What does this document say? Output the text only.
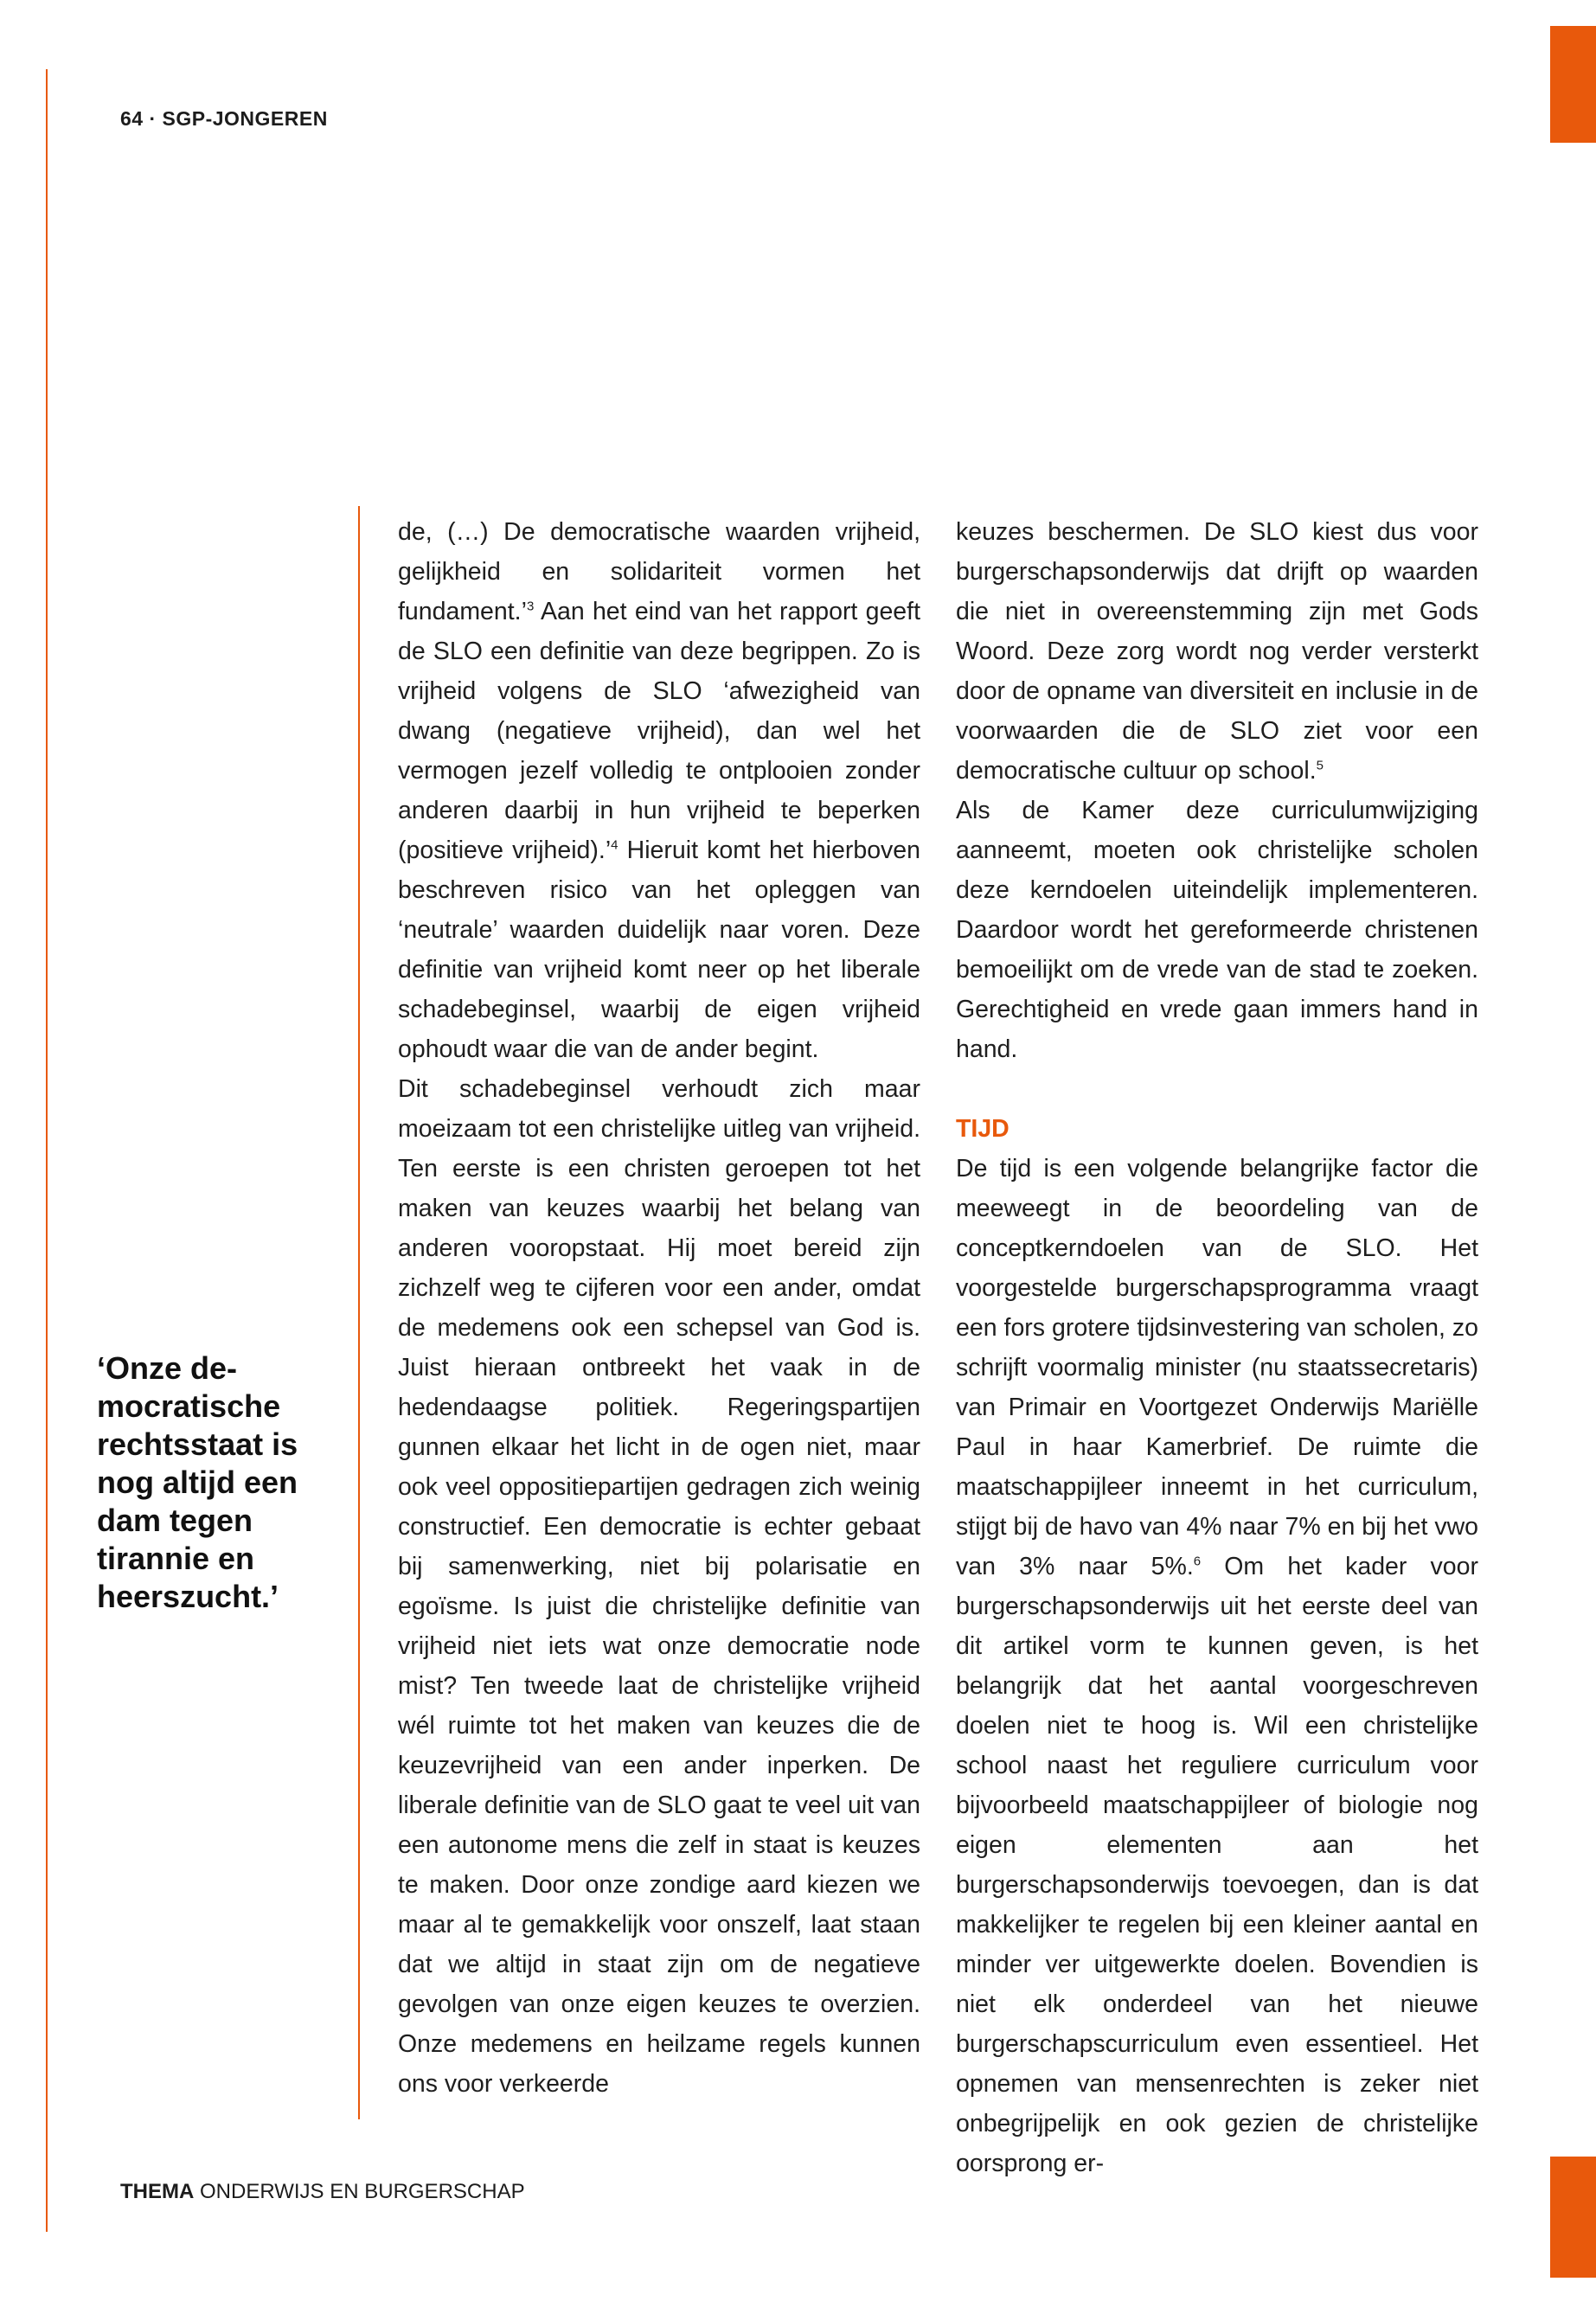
64 · SGP-JONGEREN
‘Onze de-mocratische rechtsstaat is nog altijd een dam tegen tirannie en heerszucht.’

de, (…) De democratische waarden vrijheid, gelijkheid en solidariteit vormen het fundament.’$^3$ Aan het eind van het rapport geeft de SLO een definitie van deze begrippen. Zo is vrijheid volgens de SLO ‘afwezigheid van dwang (negatieve vrijheid), dan wel het vermogen jezelf volledig te ontplooien zonder anderen daarbij in hun vrijheid te beperken (positieve vrijheid).’$^4$ Hieruit komt het hierboven beschreven risico van het opleggen van ‘neutrale’ waarden duidelijk naar voren. Deze definitie van vrijheid komt neer op het liberale schadebeginsel, waarbij de eigen vrijheid ophoudt waar die van de ander begint.

Dit schadebeginsel verhoudt zich maar moeizaam tot een christelijke uitleg van vrijheid. Ten eerste is een christen geroepen tot het maken van keuzes waarbij het belang van anderen vooropstaat. Hij moet bereid zijn zichzelf weg te cijferen voor een ander, omdat de medemens ook een schepsel van God is. Juist hieraan ontbreekt het vaak in de hedendaagse politiek. Regeringspartijen gunnen elkaar het licht in de ogen niet, maar ook veel oppositiepartijen gedragen zich weinig constructief. Een democratie is echter gebaat bij samenwerking, niet bij polarisatie en egoïsme. Is juist die christelijke definitie van vrijheid niet iets wat onze democratie node mist? Ten tweede laat de christelijke vrijheid wél ruimte tot het maken van keuzes die de keuzevrijheid van een ander inperken. De liberale definitie van de SLO gaat te veel uit van een autonome mens die zelf in staat is keuzes te maken. Door onze zondige aard kiezen we maar al te gemakkelijk voor onszelf, laat staan dat we altijd in staat zijn om de negatieve gevolgen van onze eigen keuzes te overzien. Onze medemens en heilzame regels kunnen ons voor verkeerde

keuzes beschermen. De SLO kiest dus voor burgerschapsonderwijs dat drijft op waarden die niet in overeenstemming zijn met Gods Woord. Deze zorg wordt nog verder versterkt door de opname van diversiteit en inclusie in de voorwaarden die de SLO ziet voor een democratische cultuur op school.$^5$

Als de Kamer deze curriculumwijziging aanneemt, moeten ook christelijke scholen deze kerndoelen uiteindelijk implementeren. Daardoor wordt het gereformeerde christenen bemoeilijkt om de vrede van de stad te zoeken. Gerechtigheid en vrede gaan immers hand in hand.

TIJD

De tijd is een volgende belangrijke factor die meeweegt in de beoordeling van de conceptkerndoelen van de SLO. Het voorgestelde burgerschapsprogramma vraagt een fors grotere tijdsinvestering van scholen, zo schrijft voormalig minister (nu staatssecretaris) van Primair en Voortgezet Onderwijs Mariëlle Paul in haar Kamerbrief. De ruimte die maatschappijleer inneemt in het curriculum, stijgt bij de havo van 4% naar 7% en bij het vwo van 3% naar 5%.$^6$ Om het kader voor burgerschapsonderwijs uit het eerste deel van dit artikel vorm te kunnen geven, is het belangrijk dat het aantal voorgeschreven doelen niet te hoog is. Wil een christelijke school naast het reguliere curriculum voor bijvoorbeeld maatschappijleer of biologie nog eigen elementen aan het burgerschapsonderwijs toevoegen, dan is dat makkelijker te regelen bij een kleiner aantal en minder ver uitgewerkte doelen. Bovendien is niet elk onderdeel van het nieuwe burgerschapscurriculum even essentieel. Het opnemen van mensenrechten is zeker niet onbegrijpelijk en ook gezien de christelijke oorsprong er-

THEMA ONDERWIJS EN BURGERSCHAP
